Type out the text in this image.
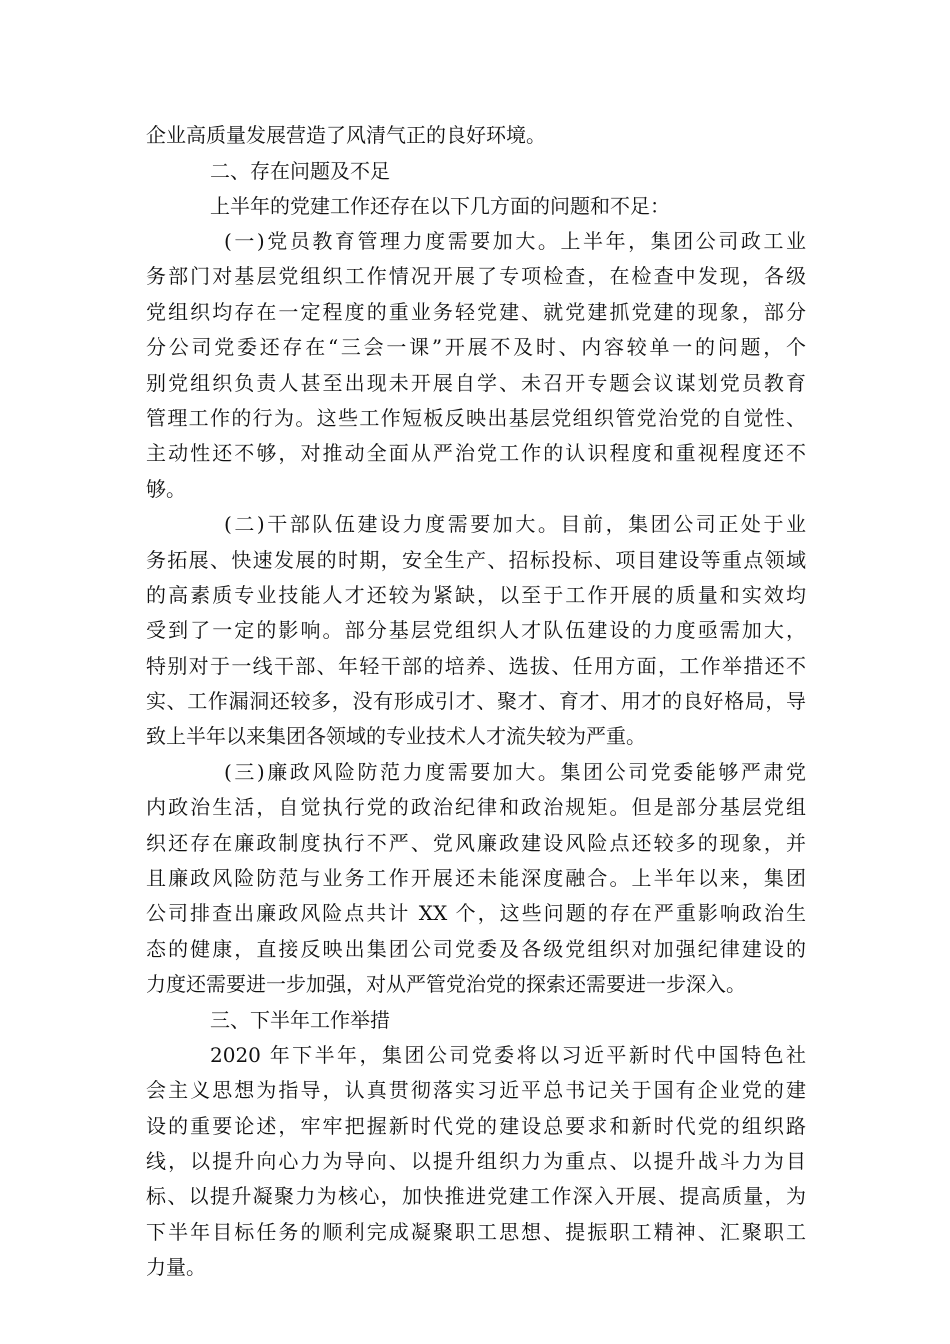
企业高质量发展营造了风清气正的良好环境。
二、存在问题及不足
上半年的党建工作还存在以下几方面的问题和不足：
(一)党员教育管理力度需要加大。上半年，集团公司政工业
务部门对基层党组织工作情况开展了专项检查，在检查中发现，各级
党组织均存在一定程度的重业务轻党建、就党建抓党建的现象，部分
分公司党委还存在“三会一课”开展不及时、内容较单一的问题，个
别党组织负责人甚至出现未开展自学、未召开专题会议谋划党员教育
管理工作的行为。这些工作短板反映出基层党组织管党治党的自觉性、
主动性还不够，对推动全面从严治党工作的认识程度和重视程度还不
够。
(二)干部队伍建设力度需要加大。目前，集团公司正处于业
务拓展、快速发展的时期，安全生产、招标投标、项目建设等重点领域
的高素质专业技能人才还较为紧缺，以至于工作开展的质量和实效均
受到了一定的影响。部分基层党组织人才队伍建设的力度亟需加大，
特别对于一线干部、年轻干部的培养、选拔、任用方面，工作举措还不
实、工作漏洞还较多，没有形成引才、聚才、育才、用才的良好格局，导
致上半年以来集团各领域的专业技术人才流失较为严重。
(三)廉政风险防范力度需要加大。集团公司党委能够严肃党
内政治生活，自觉执行党的政治纪律和政治规矩。但是部分基层党组
织还存在廉政制度执行不严、党风廉政建设风险点还较多的现象，并
且廉政风险防范与业务工作开展还未能深度融合。上半年以来，集团
公司排查出廉政风险点共计 XX 个，这些问题的存在严重影响政治生
态的健康，直接反映出集团公司党委及各级党组织对加强纪律建设的
力度还需要进一步加强，对从严管党治党的探索还需要进一步深入。
三、下半年工作举措
2020 年下半年，集团公司党委将以习近平新时代中国特色社
会主义思想为指导，认真贯彻落实习近平总书记关于国有企业党的建
设的重要论述，牢牢把握新时代党的建设总要求和新时代党的组织路
线，以提升向心力为导向、以提升组织力为重点、以提升战斗力为目
标、以提升凝聚力为核心，加快推进党建工作深入开展、提高质量，为
下半年目标任务的顺利完成凝聚职工思想、提振职工精神、汇聚职工
力量。
